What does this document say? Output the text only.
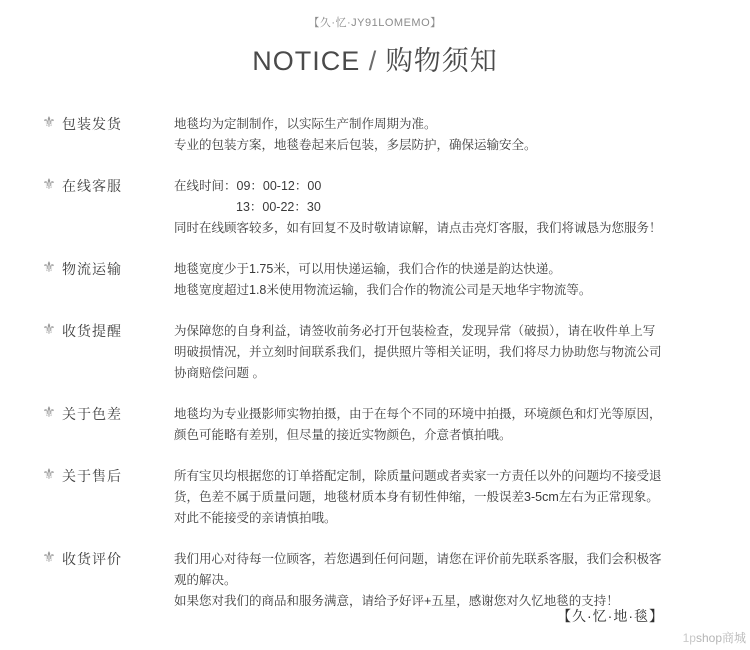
【久·忆·JY91LOMEMO】
NOTICE / 购物须知
⚜ 包装发货	地毯均为定制制作，以实际生产制作周期为准。
专业的包装方案，地毯卷起来后包装，多层防护，确保运输安全。
⚜ 在线客服	在线时间：09：00-12：00
13：00-22：30
同时在线顾客较多，如有回复不及时敬请谅解，请点击亮灯客服，我们将诚恳为您服务！
⚜ 物流运输	地毯宽度少于1.75米，可以用快递运输，我们合作的快递是韵达快递。
地毯宽度超过1.8米使用物流运输，我们合作的物流公司是天地华宇物流等。
⚜ 收货提醒	为保障您的自身利益，请签收前务必打开包装检查，发现异常（破损），请在收件单上写
明破损情况，并立刻时间联系我们，提供照片等相关证明，我们将尽力协助您与物流公司
协商赔偿问题 。
⚜ 关于色差	地毯均为专业摄影师实物拍摄，由于在每个不同的环境中拍摄，环境颜色和灯光等原因，
颜色可能略有差别，但尽量的接近实物颜色，介意者慎拍哦。
⚜ 关于售后	所有宝贝均根据您的订单搭配定制，除质量问题或者卖家一方责任以外的问题均不接受退
货，色差不属于质量问题，地毯材质本身有韧性伸缩，一般误差3-5cm左右为正常现象。
对此不能接受的亲请慎拍哦。
⚜ 收货评价	我们用心对待每一位顾客，若您遇到任何问题，请您在评价前先联系客服，我们会积极客
观的解决。
如果您对我们的商品和服务满意，请给予好评+五星，感谢您对久忆地毯的支持！
【久·忆·地·毯】
1pshop商城
